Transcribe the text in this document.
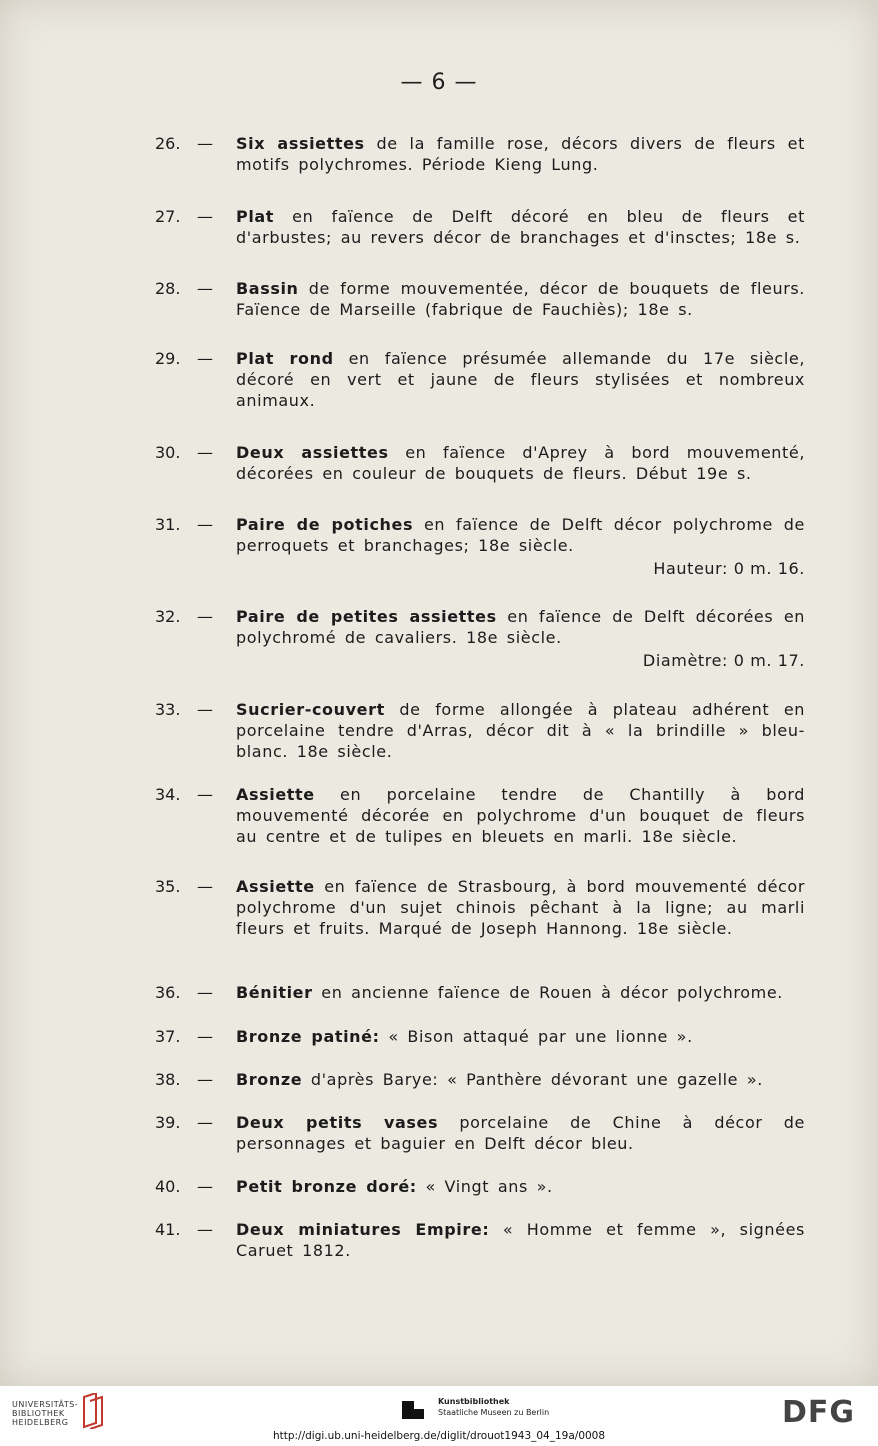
— 6 —
26.	— Six assiettes de la famille rose, décors divers de fleurs et motifs polychromes. Période Kieng Lung.
27.	— Plat en faïence de Delft décoré en bleu de fleurs et d'arbustes; au revers décor de branchages et d'insctes; 18e s.
28.	— Bassin de forme mouvementée, décor de bouquets de fleurs. Faïence de Marseille (fabrique de Fauchiès); 18e s.
29.	— Plat rond en faïence présumée allemande du 17e siècle, décoré en vert et jaune de fleurs stylisées et nombreux animaux.
30.	— Deux assiettes en faïence d'Aprey à bord mouvementé, décorées en couleur de bouquets de fleurs. Début 19e s.
31.	— Paire de potiches en faïence de Delft décor polychrome de perroquets et branchages; 18e siècle.
Hauteur: 0 m. 16.
32.	— Paire de petites assiettes en faïence de Delft décorées en polychromé de cavaliers. 18e siècle.
Diamètre: 0 m. 17.
33.	— Sucrier-couvert de forme allongée à plateau adhérent en porcelaine tendre d'Arras, décor dit à « la brindille » bleu-blanc. 18e siècle.
34.	— Assiette en porcelaine tendre de Chantilly à bord mouvementé décorée en polychrome d'un bouquet de fleurs au centre et de tulipes en bleuets en marli. 18e siècle.
35.	— Assiette en faïence de Strasbourg, à bord mouvementé décor polychrome d'un sujet chinois pêchant à la ligne; au marli fleurs et fruits. Marqué de Joseph Hannong. 18e siècle.
36.	— Bénitier en ancienne faïence de Rouen à décor polychrome.
37.	— Bronze patiné: « Bison attaqué par une lionne ».
38.	— Bronze d'après Barye: « Panthère dévorant une gazelle ».
39.	— Deux petits vases porcelaine de Chine à décor de personnages et baguier en Delft décor bleu.
40.	— Petit bronze doré: « Vingt ans ».
41.	— Deux miniatures Empire: « Homme et femme », signées Caruet 1812.
UNIVERSITÄTS-
BIBLIOTHEK
HEIDELBERG
Kunstbibliothek
Staatliche Museen zu Berlin	DFG
http://digi.ub.uni-heidelberg.de/diglit/drouot1943_04_19a/0008
